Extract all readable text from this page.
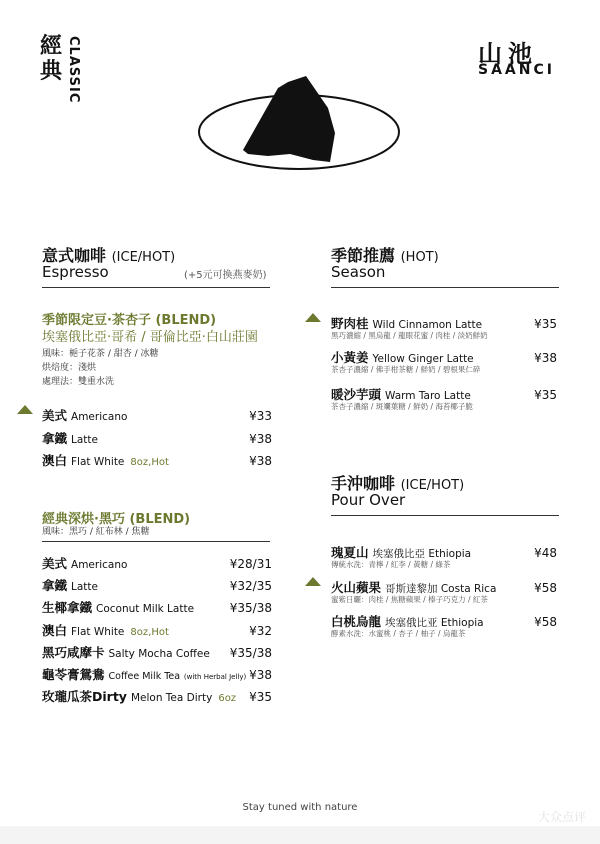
經典 CLASSIC	山池
SAANCI
意式咖啡 (ICE/HOT)
Espresso	(+5元可換燕麥奶)
季節限定豆·茶杏子 (BLEND)
埃塞俄比亞·哥希 / 哥倫比亞·白山莊園
風味：梔子花茶 / 甜杏 / 冰糖
烘焙度：淺烘
處理法：雙重水洗
美式 Americano	¥33
拿鐵 Latte	¥38
澳白 Flat White 8oz,Hot	¥38
經典深烘·黑巧 (BLEND)
風味：黑巧 / 紅布林 / 焦糖
美式 Americano	¥28/31
拿鐵 Latte	¥32/35
生椰拿鐵 Coconut Milk Latte	¥35/38
澳白 Flat White 8oz,Hot	¥32
黑巧咸摩卡 Salty Mocha Coffee ¥35/38
龜苓膏鴛鴦 Coffee Milk Tea (with Herbal Jelly) ¥38
玫瓏瓜茶Dirty Melon Tea Dirty 6oz ¥35
季節推薦 (HOT)
Season
野肉桂 Wild Cinnamon Latte	¥35
黑巧濃縮 / 黑烏龍 / 龍眼花蜜 / 肉桂 / 淡奶鮮奶
小黃姜 Yellow Ginger Latte	¥38
茶杏子濃縮 / 佛手柑茶糖 / 鮮奶 / 碧根果仁碎
暖沙芋頭 Warm Taro Latte	¥35
茶杏子濃縮 / 斑斕葉糖 / 鮮奶 / 海苔椰子脆
手沖咖啡 (ICE/HOT)
Pour Over
瑰夏山 埃塞俄比亞 Ethiopia	¥48
傳統水洗：青檸 / 紅李 / 黃糖 / 綠茶
火山蘋果 哥斯達黎加 Costa Rica	¥58
蜜紫日曬：肉桂 / 焦糖蘋果 / 榛子巧克力 / 紅茶
白桃烏龍 埃塞俄比亚 Ethiopia	¥58
酵素水洗：水蜜桃 / 杏子 / 柚子 / 烏龍茶
Stay tuned with nature
大众点评
